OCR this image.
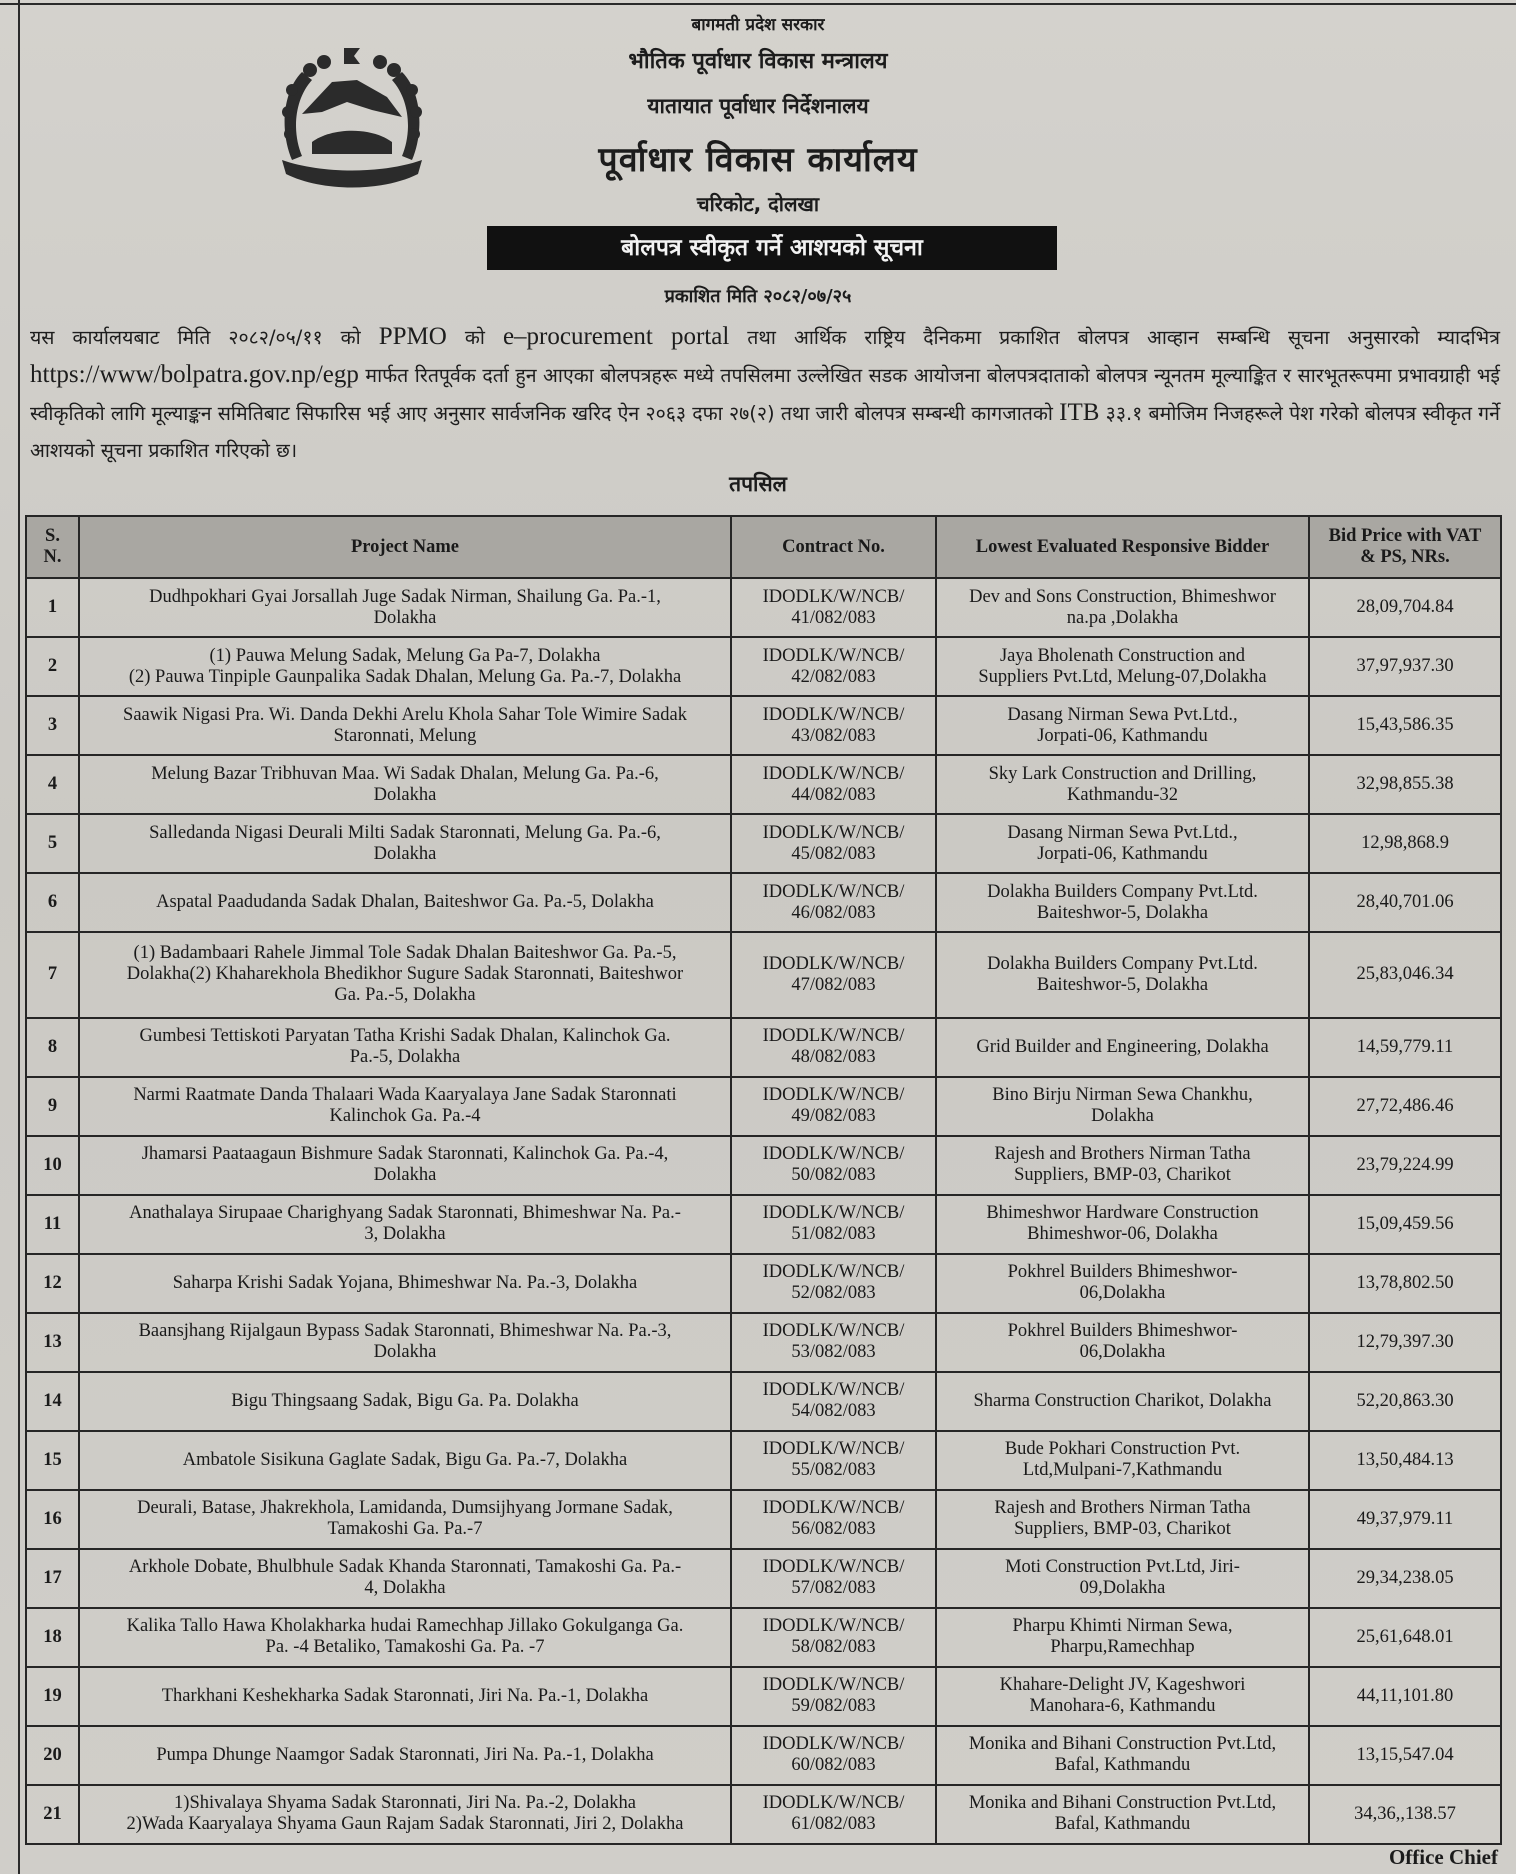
बागमती प्रदेश सरकार
भौतिक पूर्वाधार विकास मन्त्रालय
यातायात पूर्वाधार निर्देशनालय
पूर्वाधार विकास कार्यालय
चरिकोट, दोलखा
बोलपत्र स्वीकृत गर्ने आशयको सूचना
प्रकाशित मिति २०८२/०७/२५
यस कार्यालयबाट मिति २०८२/०५/११ को PPMO को e–procurement portal तथा आर्थिक राष्ट्रिय दैनिकमा प्रकाशित बोलपत्र आव्हान सम्बन्धि सूचना अनुसारको म्यादभित्र https://www/bolpatra.gov.np/egp मार्फत रितपूर्वक दर्ता हुन आएका बोलपत्रहरू मध्ये तपसिलमा उल्लेखित सडक आयोजना बोलपत्रदाताको बोलपत्र न्यूनतम मूल्याङ्कित र सारभूतरूपमा प्रभावग्राही भई स्वीकृतिको लागि मूल्याङ्कन समितिबाट सिफारिस भई आए अनुसार सार्वजनिक खरिद ऐन २०६३ दफा २७(२) तथा जारी बोलपत्र सम्बन्धी कागजातको ITB ३३.१ बमोजिम निजहरूले पेश गरेको बोलपत्र स्वीकृत गर्ने आशयको सूचना प्रकाशित गरिएको छ।
तपसिल
S.
N.	Project Name	Contract No.	Lowest Evaluated Responsive Bidder	Bid Price with VAT
& PS, NRs.
1	Dudhpokhari Gyai Jorsallah Juge Sadak Nirman, Shailung Ga. Pa.-1,
Dolakha	IDODLK/W/NCB/
41/082/083	Dev and Sons Construction, Bhimeshwor
na.pa ,Dolakha	28,09,704.84
2	(1) Pauwa Melung Sadak, Melung Ga Pa-7, Dolakha
(2) Pauwa Tinpiple Gaunpalika Sadak Dhalan, Melung Ga. Pa.-7, Dolakha	IDODLK/W/NCB/
42/082/083	Jaya Bholenath Construction and
Suppliers Pvt.Ltd, Melung-07,Dolakha	37,97,937.30
3	Saawik Nigasi Pra. Wi. Danda Dekhi Arelu Khola Sahar Tole Wimire Sadak
Staronnati, Melung	IDODLK/W/NCB/
43/082/083	Dasang Nirman Sewa Pvt.Ltd.,
Jorpati-06, Kathmandu	15,43,586.35
4	Melung Bazar Tribhuvan Maa. Wi Sadak Dhalan, Melung Ga. Pa.-6,
Dolakha	IDODLK/W/NCB/
44/082/083	Sky Lark Construction and Drilling,
Kathmandu-32	32,98,855.38
5	Salledanda Nigasi Deurali Milti Sadak Staronnati, Melung Ga. Pa.-6,
Dolakha	IDODLK/W/NCB/
45/082/083	Dasang Nirman Sewa Pvt.Ltd.,
Jorpati-06, Kathmandu	12,98,868.9
6	Aspatal Paadudanda Sadak Dhalan, Baiteshwor Ga. Pa.-5, Dolakha	IDODLK/W/NCB/
46/082/083	Dolakha Builders Company Pvt.Ltd.
Baiteshwor-5, Dolakha	28,40,701.06
7	(1) Badambaari Rahele Jimmal Tole Sadak Dhalan Baiteshwor Ga. Pa.-5,
Dolakha(2) Khaharekhola Bhedikhor Sugure Sadak Staronnati, Baiteshwor
Ga. Pa.-5, Dolakha	IDODLK/W/NCB/
47/082/083	Dolakha Builders Company Pvt.Ltd.
Baiteshwor-5, Dolakha	25,83,046.34
8	Gumbesi Tettiskoti Paryatan Tatha Krishi Sadak Dhalan, Kalinchok Ga.
Pa.-5, Dolakha	IDODLK/W/NCB/
48/082/083	Grid Builder and Engineering, Dolakha	14,59,779.11
9	Narmi Raatmate Danda Thalaari Wada Kaaryalaya Jane Sadak Staronnati
Kalinchok Ga. Pa.-4	IDODLK/W/NCB/
49/082/083	Bino Birju Nirman Sewa Chankhu,
Dolakha	27,72,486.46
10	Jhamarsi Paataagaun Bishmure Sadak Staronnati, Kalinchok Ga. Pa.-4,
Dolakha	IDODLK/W/NCB/
50/082/083	Rajesh and Brothers Nirman Tatha
Suppliers, BMP-03, Charikot	23,79,224.99
11	Anathalaya Sirupaae Charighyang Sadak Staronnati, Bhimeshwar Na. Pa.-
3, Dolakha	IDODLK/W/NCB/
51/082/083	Bhimeshwor Hardware Construction
Bhimeshwor-06, Dolakha	15,09,459.56
12	Saharpa Krishi Sadak Yojana, Bhimeshwar Na. Pa.-3, Dolakha	IDODLK/W/NCB/
52/082/083	Pokhrel Builders Bhimeshwor-
06,Dolakha	13,78,802.50
13	Baansjhang Rijalgaun Bypass Sadak Staronnati, Bhimeshwar Na. Pa.-3,
Dolakha	IDODLK/W/NCB/
53/082/083	Pokhrel Builders Bhimeshwor-
06,Dolakha	12,79,397.30
14	Bigu Thingsaang Sadak, Bigu Ga. Pa. Dolakha	IDODLK/W/NCB/
54/082/083	Sharma Construction Charikot, Dolakha	52,20,863.30
15	Ambatole Sisikuna Gaglate Sadak, Bigu Ga. Pa.-7, Dolakha	IDODLK/W/NCB/
55/082/083	Bude Pokhari Construction Pvt.
Ltd,Mulpani-7,Kathmandu	13,50,484.13
16	Deurali, Batase, Jhakrekhola, Lamidanda, Dumsijhyang Jormane Sadak,
Tamakoshi Ga. Pa.-7	IDODLK/W/NCB/
56/082/083	Rajesh and Brothers Nirman Tatha
Suppliers, BMP-03, Charikot	49,37,979.11
17	Arkhole Dobate, Bhulbhule Sadak Khanda Staronnati, Tamakoshi Ga. Pa.-
4, Dolakha	IDODLK/W/NCB/
57/082/083	Moti Construction Pvt.Ltd, Jiri-
09,Dolakha	29,34,238.05
18	Kalika Tallo Hawa Kholakharka hudai Ramechhap Jillako Gokulganga Ga.
Pa. -4 Betaliko, Tamakoshi Ga. Pa. -7	IDODLK/W/NCB/
58/082/083	Pharpu Khimti Nirman Sewa,
Pharpu,Ramechhap	25,61,648.01
19	Tharkhani Keshekharka Sadak Staronnati, Jiri Na. Pa.-1, Dolakha	IDODLK/W/NCB/
59/082/083	Khahare-Delight JV, Kageshwori
Manohara-6, Kathmandu	44,11,101.80
20	Pumpa Dhunge Naamgor Sadak Staronnati, Jiri Na. Pa.-1, Dolakha	IDODLK/W/NCB/
60/082/083	Monika and Bihani Construction Pvt.Ltd,
Bafal, Kathmandu	13,15,547.04
21	1)Shivalaya Shyama Sadak Staronnati, Jiri Na. Pa.-2, Dolakha
2)Wada Kaaryalaya Shyama Gaun Rajam Sadak Staronnati, Jiri 2, Dolakha	IDODLK/W/NCB/
61/082/083	Monika and Bihani Construction Pvt.Ltd,
Bafal, Kathmandu	34,36,,138.57
Office Chief
